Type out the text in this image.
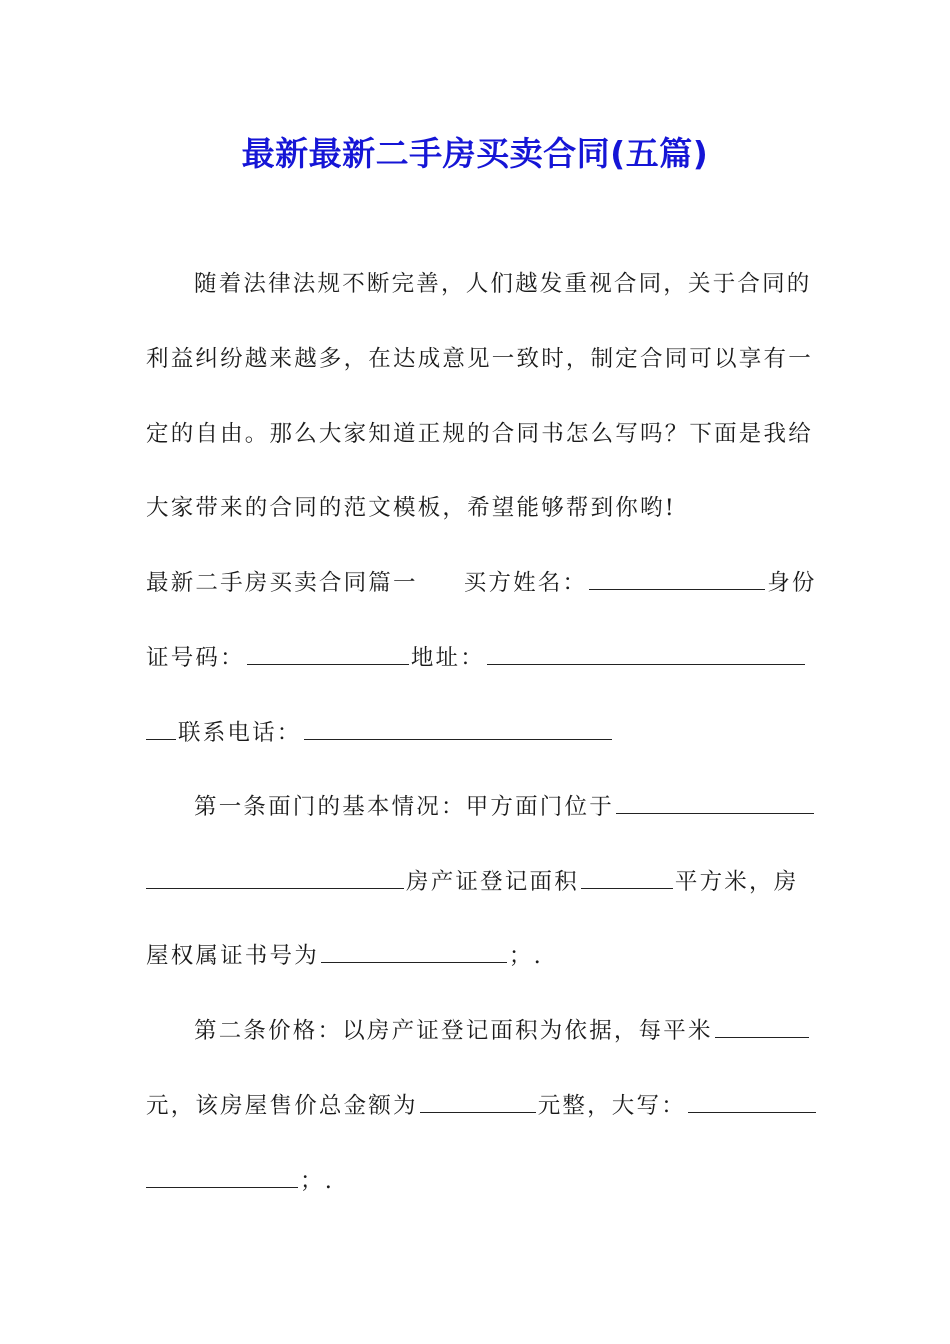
最新最新二手房买卖合同(五篇)
随着法律法规不断完善，人们越发重视合同，关于合同的
利益纠纷越来越多，在达成意见一致时，制定合同可以享有一
定的自由。那么大家知道正规的合同书怎么写吗？下面是我给
大家带来的合同的范文模板，希望能够帮到你哟!
最新二手房买卖合同篇一 买方姓名：	身份
证号码：	地址：
联系电话：
第一条面门的基本情况：甲方面门位于
房产证登记面积	平方米，房
屋权属证书号为	；.
第二条价格：以房产证登记面积为依据，每平米
元，该房屋售价总金额为	元整，大写：
；.
